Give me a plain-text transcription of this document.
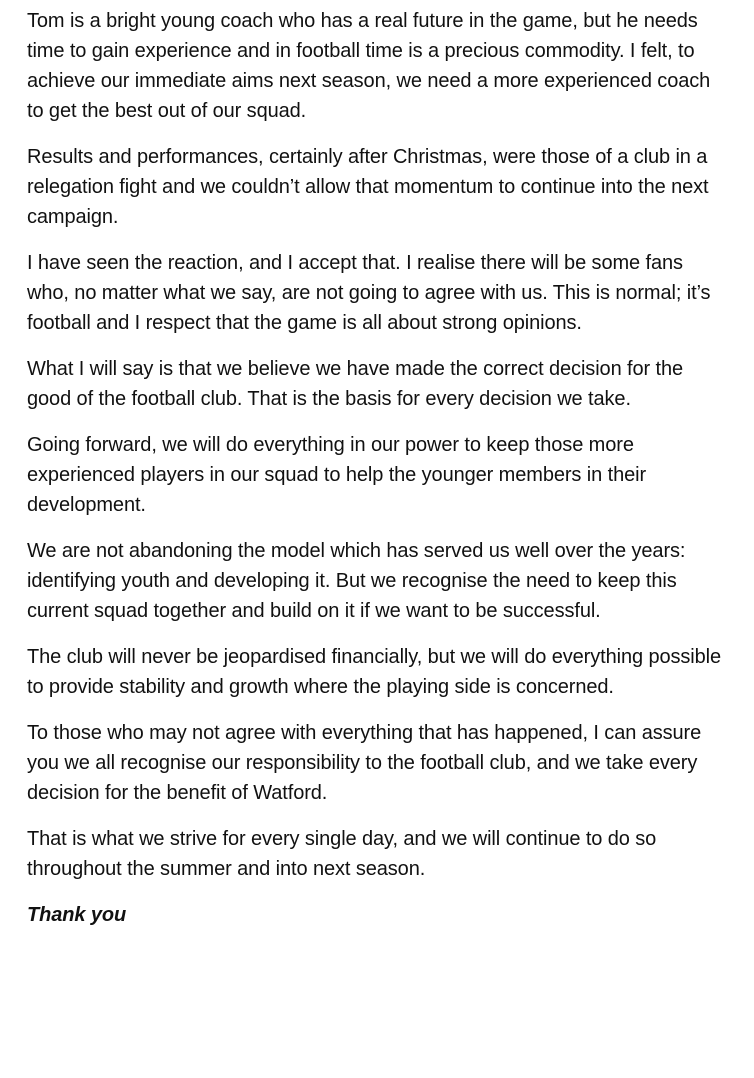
Tom is a bright young coach who has a real future in the game, but he needs time to gain experience and in football time is a precious commodity. I felt, to achieve our immediate aims next season, we need a more experienced coach to get the best out of our squad.

Results and performances, certainly after Christmas, were those of a club in a relegation fight and we couldn’t allow that momentum to continue into the next campaign.

I have seen the reaction, and I accept that. I realise there will be some fans who, no matter what we say, are not going to agree with us. This is normal; it’s football and I respect that the game is all about strong opinions.

What I will say is that we believe we have made the correct decision for the good of the football club. That is the basis for every decision we take.

Going forward, we will do everything in our power to keep those more experienced players in our squad to help the younger members in their development.

We are not abandoning the model which has served us well over the years: identifying youth and developing it. But we recognise the need to keep this current squad together and build on it if we want to be successful.

The club will never be jeopardised financially, but we will do everything possible to provide stability and growth where the playing side is concerned.

To those who may not agree with everything that has happened, I can assure you we all recognise our responsibility to the football club, and we take every decision for the benefit of Watford.

That is what we strive for every single day, and we will continue to do so throughout the summer and into next season.

Thank you
